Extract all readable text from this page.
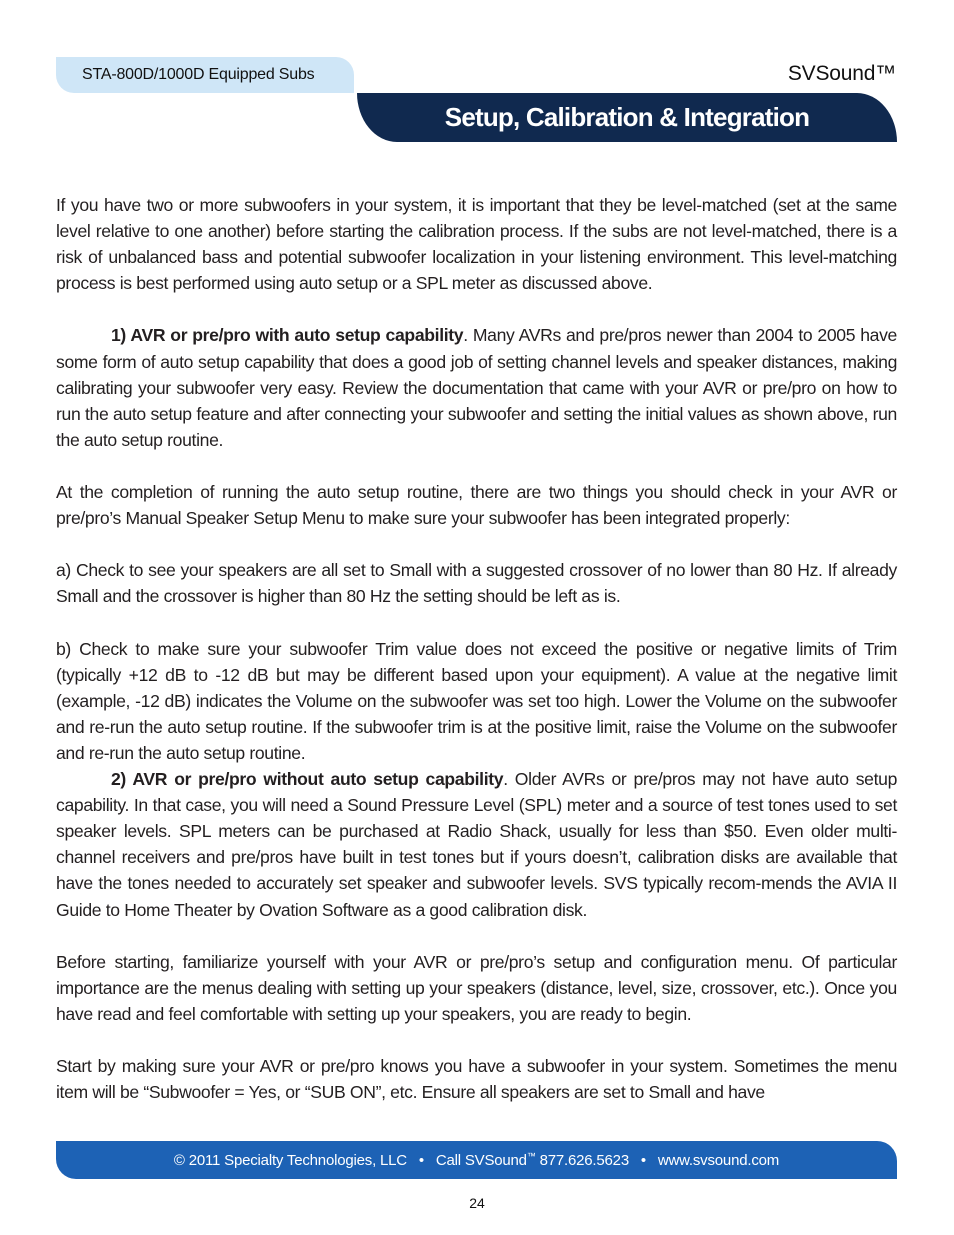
STA-800D/1000D Equipped Subs	SVSound™
Setup, Calibration & Integration

If you have two or more subwoofers in your system, it is important that they be level-matched (set at the same level relative to one another) before starting the calibration process. If the subs are not level-matched, there is a risk of unbalanced bass and potential subwoofer localization in your listening environment. This level-matching process is best performed using auto setup or a SPL meter as discussed above.

1) AVR or pre/pro with auto setup capability. Many AVRs and pre/pros newer than 2004 to 2005 have some form of auto setup capability that does a good job of setting channel levels and speaker distances, making calibrating your subwoofer very easy. Review the documentation that came with your AVR or pre/pro on how to run the auto setup feature and after connecting your subwoofer and setting the initial values as shown above, run the auto setup routine.

At the completion of running the auto setup routine, there are two things you should check in your AVR or pre/pro’s Manual Speaker Setup Menu to make sure your subwoofer has been integrated properly:

a) Check to see your speakers are all set to Small with a suggested crossover of no lower than 80 Hz. If already Small and the crossover is higher than 80 Hz the setting should be left as is.

b) Check to make sure your subwoofer Trim value does not exceed the positive or negative limits of Trim (typically +12 dB to -12 dB but may be different based upon your equipment). A value at the negative limit (example, -12 dB) indicates the Volume on the subwoofer was set too high. Lower the Volume on the subwoofer and re-run the auto setup routine. If the subwoofer trim is at the positive limit, raise the Volume on the subwoofer and re-run the auto setup routine.

2) AVR or pre/pro without auto setup capability. Older AVRs or pre/pros may not have auto setup capability. In that case, you will need a Sound Pressure Level (SPL) meter and a source of test tones used to set speaker levels. SPL meters can be purchased at Radio Shack, usually for less than $50. Even older multi-channel receivers and pre/pros have built in test tones but if yours doesn’t, calibration disks are available that have the tones needed to accurately set speaker and subwoofer levels. SVS typically recom-mends the AVIA II Guide to Home Theater by Ovation Software as a good calibration disk.

Before starting, familiarize yourself with your AVR or pre/pro’s setup and configuration menu. Of particular importance are the menus dealing with setting up your speakers (distance, level, size, crossover, etc.). Once you have read and feel comfortable with setting up your speakers, you are ready to begin.

Start by making sure your AVR or pre/pro knows you have a subwoofer in your system. Sometimes the menu item will be “Subwoofer = Yes, or “SUB ON”, etc. Ensure all speakers are set to Small and have

© 2011 Specialty Technologies, LLC
•
Call SVSound™ 877.626.5623
•
www.svsound.com
24
